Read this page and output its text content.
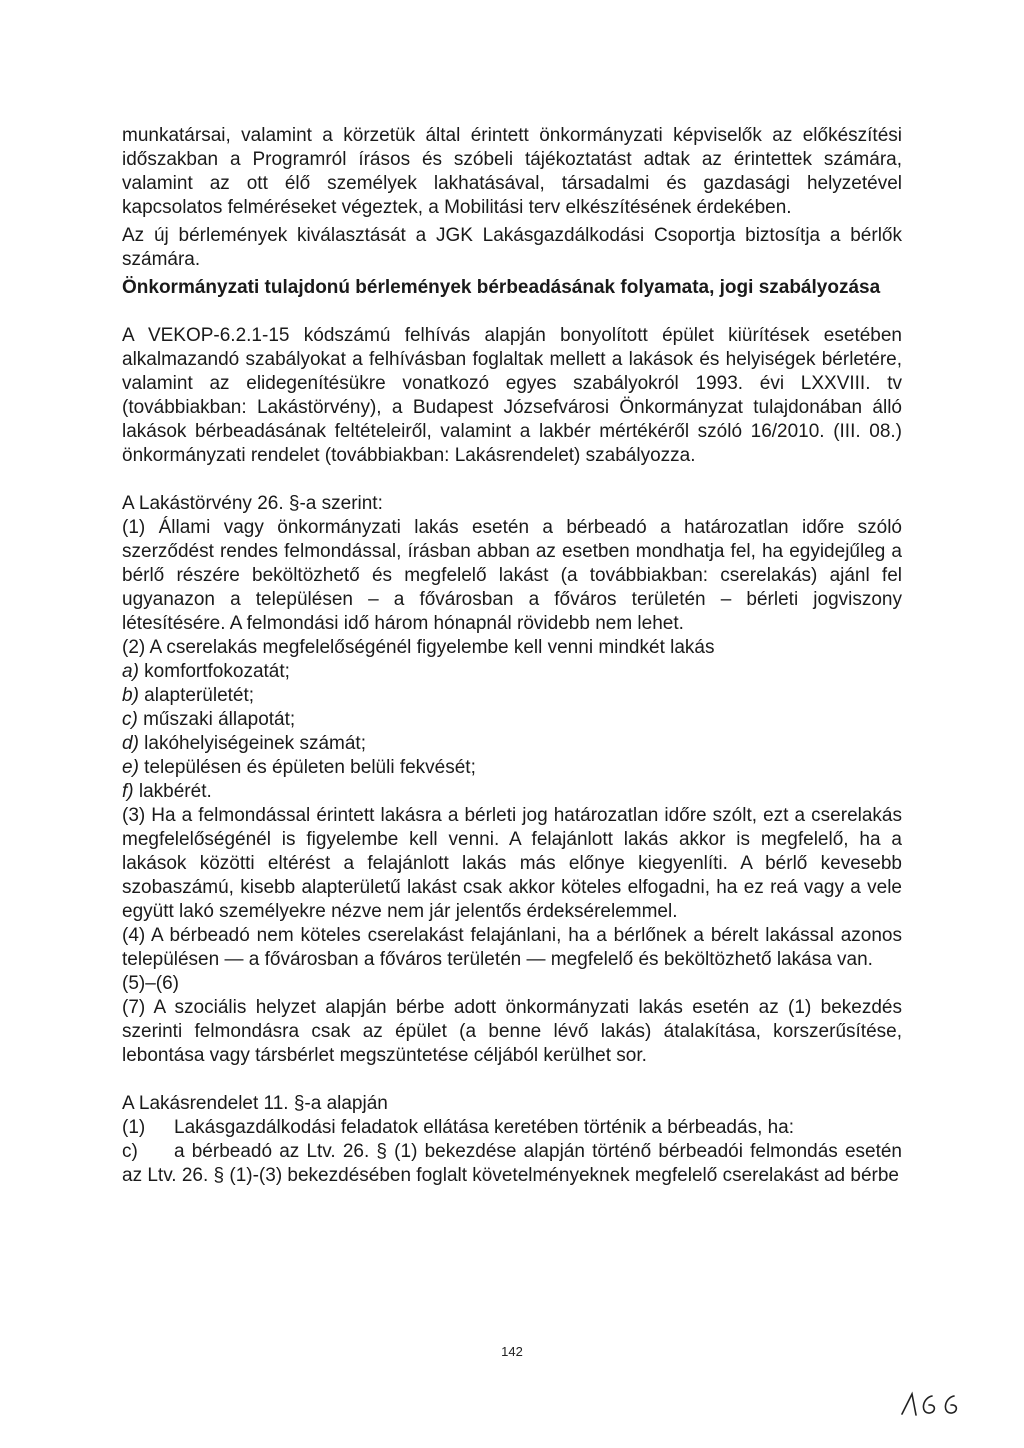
munkatársai, valamint a körzetük által érintett önkormányzati képviselők az előkészítési időszakban a Programról írásos és szóbeli tájékoztatást adtak az érintettek számára, valamint az ott élő személyek lakhatásával, társadalmi és gazdasági helyzetével kapcsolatos felméréseket végeztek, a Mobilitási terv elkészítésének érdekében.

Az új bérlemények kiválasztását a JGK Lakásgazdálkodási Csoportja biztosítja a bérlők számára.

Önkormányzati tulajdonú bérlemények bérbeadásának folyamata, jogi szabályozása

A VEKOP-6.2.1-15 kódszámú felhívás alapján bonyolított épület kiürítések esetében alkalmazandó szabályokat a felhívásban foglaltak mellett a lakások és helyiségek bérletére, valamint az elidegenítésükre vonatkozó egyes szabályokról 1993. évi LXXVIII. tv (továbbiakban: Lakástörvény), a Budapest Józsefvárosi Önkormányzat tulajdonában álló lakások bérbeadásának feltételeiről, valamint a lakbér mértékéről szóló 16/2010. (III. 08.) önkormányzati rendelet (továbbiakban: Lakásrendelet) szabályozza.

A Lakástörvény 26. §-a szerint:

(1) Állami vagy önkormányzati lakás esetén a bérbeadó a határozatlan időre szóló szerződést rendes felmondással, írásban abban az esetben mondhatja fel, ha egyidejűleg a bérlő részére beköltözhető és megfelelő lakást (a továbbiakban: cserelakás) ajánl fel ugyanazon a településen – a fővárosban a főváros területén – bérleti jogviszony létesítésére. A felmondási idő három hónapnál rövidebb nem lehet.

(2) A cserelakás megfelelőségénél figyelembe kell venni mindkét lakás

a) komfortfokozatát;
b) alapterületét;
c) műszaki állapotát;
d) lakóhelyiségeinek számát;
e) településen és épületen belüli fekvését;
f) lakbérét.

(3) Ha a felmondással érintett lakásra a bérleti jog határozatlan időre szólt, ezt a cserelakás megfelelőségénél is figyelembe kell venni. A felajánlott lakás akkor is megfelelő, ha a lakások közötti eltérést a felajánlott lakás más előnye kiegyenlíti. A bérlő kevesebb szobaszámú, kisebb alapterületű lakást csak akkor köteles elfogadni, ha ez reá vagy a vele együtt lakó személyekre nézve nem jár jelentős érdeksérelemmel.

(4) A bérbeadó nem köteles cserelakást felajánlani, ha a bérlőnek a bérelt lakással azonos településen — a fővárosban a főváros területén — megfelelő és beköltözhető lakása van.

(5)–(6)

(7) A szociális helyzet alapján bérbe adott önkormányzati lakás esetén az (1) bekezdés szerinti felmondásra csak az épület (a benne lévő lakás) átalakítása, korszerűsítése, lebontása vagy társbérlet megszüntetése céljából kerülhet sor.

A Lakásrendelet 11. §-a alapján

(1)	Lakásgazdálkodási feladatok ellátása keretében történik a bérbeadás, ha:

c) a bérbeadó az Ltv. 26. § (1) bekezdése alapján történő bérbeadói felmondás esetén az Ltv. 26. § (1)-(3) bekezdésében foglalt követelményeknek megfelelő cserelakást ad bérbe

142
